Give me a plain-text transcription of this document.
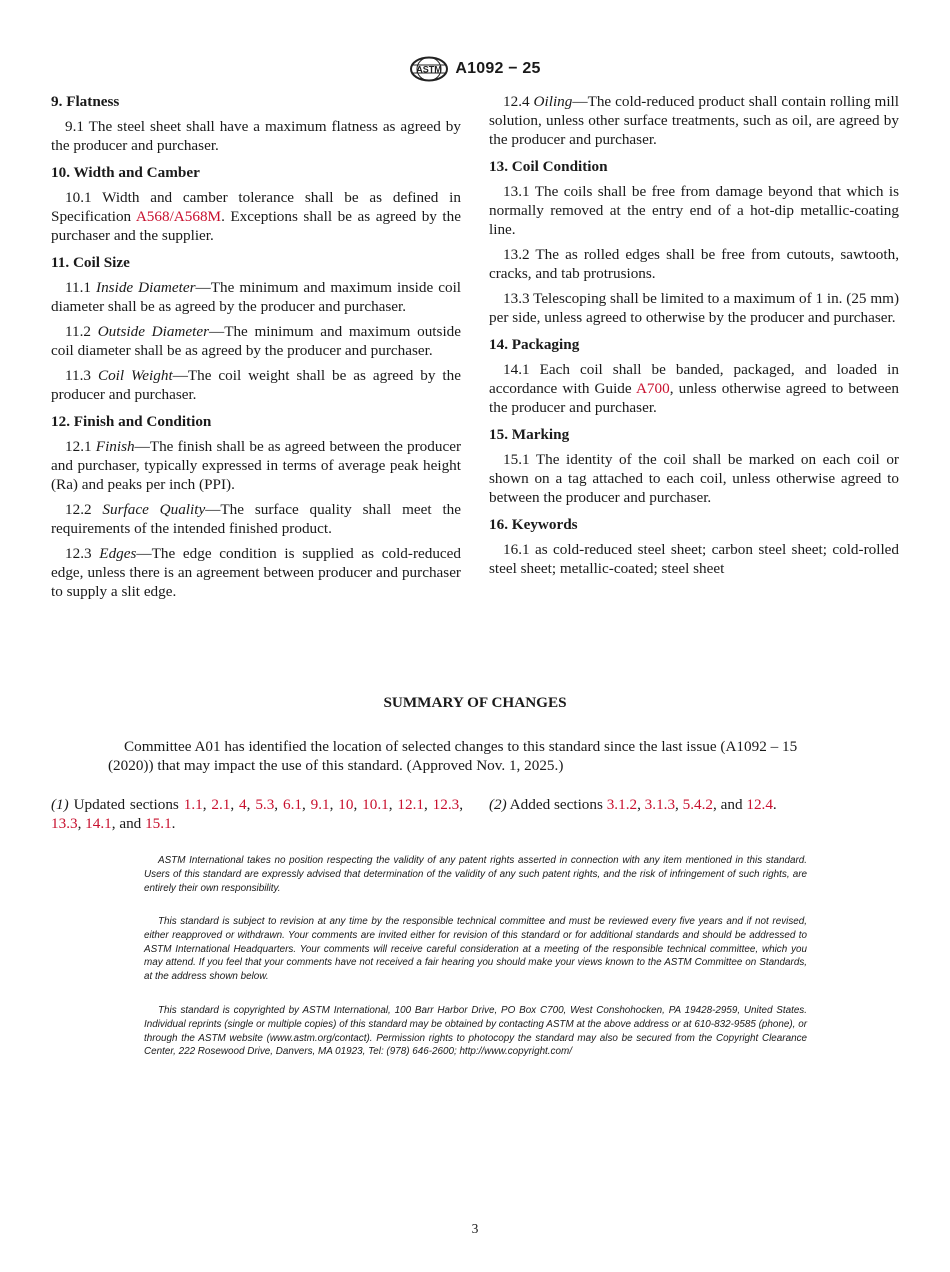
ASTM A1092 − 25
9. Flatness

9.1 The steel sheet shall have a maximum flatness as agreed by the producer and purchaser.

10. Width and Camber

10.1 Width and camber tolerance shall be as defined in Specification A568/A568M. Exceptions shall be as agreed by the purchaser and the supplier.

11. Coil Size

11.1 Inside Diameter—The minimum and maximum inside coil diameter shall be as agreed by the producer and purchaser.

11.2 Outside Diameter—The minimum and maximum outside coil diameter shall be as agreed by the producer and purchaser.

11.3 Coil Weight—The coil weight shall be as agreed by the producer and purchaser.

12. Finish and Condition

12.1 Finish—The finish shall be as agreed between the producer and purchaser, typically expressed in terms of average peak height (Ra) and peaks per inch (PPI).

12.2 Surface Quality—The surface quality shall meet the requirements of the intended finished product.

12.3 Edges—The edge condition is supplied as cold-reduced edge, unless there is an agreement between producer and purchaser to supply a slit edge.

12.4 Oiling—The cold-reduced product shall contain rolling mill solution, unless other surface treatments, such as oil, are agreed by the producer and purchaser.

13. Coil Condition

13.1 The coils shall be free from damage beyond that which is normally removed at the entry end of a hot-dip metallic-coating line.

13.2 The as rolled edges shall be free from cutouts, sawtooth, cracks, and tab protrusions.

13.3 Telescoping shall be limited to a maximum of 1 in. (25 mm) per side, unless agreed to otherwise by the producer and purchaser.

14. Packaging

14.1 Each coil shall be banded, packaged, and loaded in accordance with Guide A700, unless otherwise agreed to between the producer and purchaser.

15. Marking

15.1 The identity of the coil shall be marked on each coil or shown on a tag attached to each coil, unless otherwise agreed to between the producer and purchaser.

16. Keywords

16.1 as cold-reduced steel sheet; carbon steel sheet; cold-rolled steel sheet; metallic-coated; steel sheet

SUMMARY OF CHANGES

Committee A01 has identified the location of selected changes to this standard since the last issue (A1092 – 15 (2020)) that may impact the use of this standard. (Approved Nov. 1, 2025.)

(1) Updated sections 1.1, 2.1, 4, 5.3, 6.1, 9.1, 10, 10.1, 12.1, 12.3, 13.3, 14.1, and 15.1.

(2) Added sections 3.1.2, 3.1.3, 5.4.2, and 12.4.

ASTM International takes no position respecting the validity of any patent rights asserted in connection with any item mentioned in this standard. Users of this standard are expressly advised that determination of the validity of any such patent rights, and the risk of infringement of such rights, are entirely their own responsibility.

This standard is subject to revision at any time by the responsible technical committee and must be reviewed every five years and if not revised, either reapproved or withdrawn. Your comments are invited either for revision of this standard or for additional standards and should be addressed to ASTM International Headquarters. Your comments will receive careful consideration at a meeting of the responsible technical committee, which you may attend. If you feel that your comments have not received a fair hearing you should make your views known to the ASTM Committee on Standards, at the address shown below.

This standard is copyrighted by ASTM International, 100 Barr Harbor Drive, PO Box C700, West Conshohocken, PA 19428-2959, United States. Individual reprints (single or multiple copies) of this standard may be obtained by contacting ASTM at the above address or at 610-832-9585 (phone), or through the ASTM website (www.astm.org/contact). Permission rights to photocopy the standard may also be secured from the Copyright Clearance Center, 222 Rosewood Drive, Danvers, MA 01923, Tel: (978) 646-2600; http://www.copyright.com/

3
